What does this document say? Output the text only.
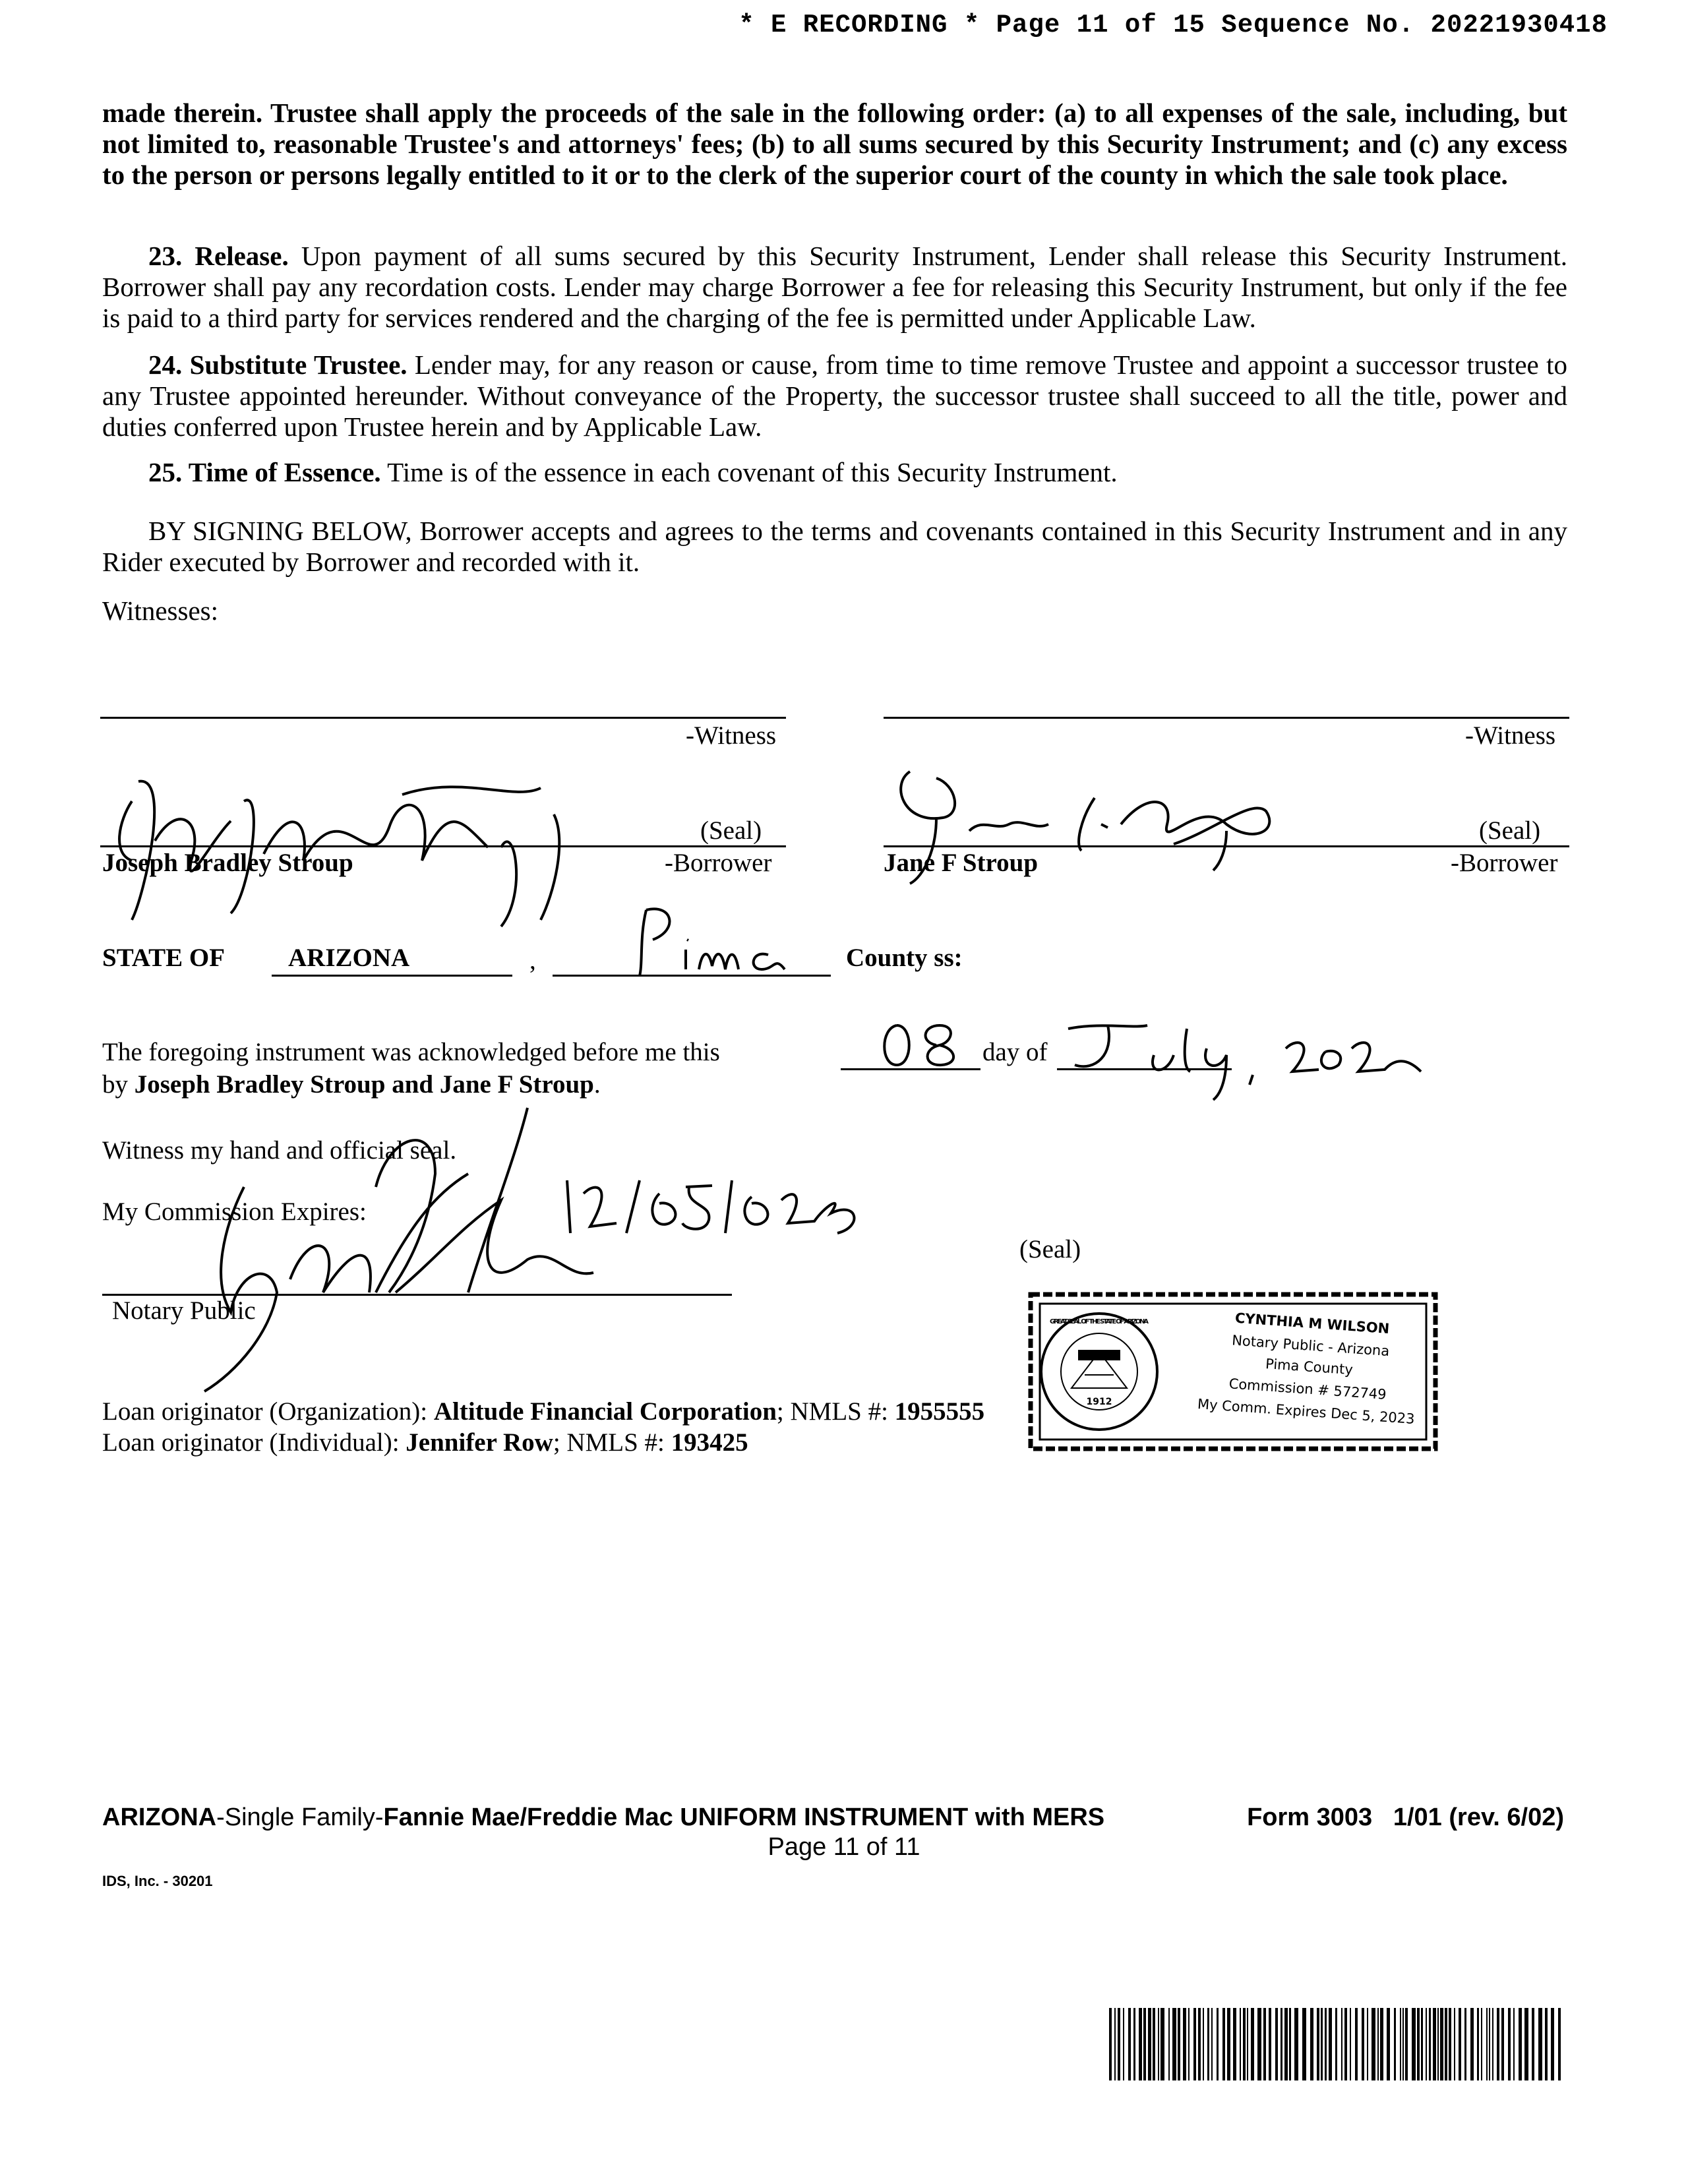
* E RECORDING * Page 11 of 15 Sequence No. 20221930418
made therein. Trustee shall apply the proceeds of the sale in the following order: (a) to all expenses of the sale, including, but not limited to, reasonable Trustee's and attorneys' fees; (b) to all sums secured by this Security Instrument; and (c) any excess to the person or persons legally entitled to it or to the clerk of the superior court of the county in which the sale took place.
23. Release. Upon payment of all sums secured by this Security Instrument, Lender shall release this Security Instrument. Borrower shall pay any recordation costs. Lender may charge Borrower a fee for releasing this Security Instrument, but only if the fee is paid to a third party for services rendered and the charging of the fee is permitted under Applicable Law.
24. Substitute Trustee. Lender may, for any reason or cause, from time to time remove Trustee and appoint a successor trustee to any Trustee appointed hereunder. Without conveyance of the Property, the successor trustee shall succeed to all the title, power and duties conferred upon Trustee herein and by Applicable Law.
25. Time of Essence. Time is of the essence in each covenant of this Security Instrument.
BY SIGNING BELOW, Borrower accepts and agrees to the terms and covenants contained in this Security Instrument and in any Rider executed by Borrower and recorded with it.
Witnesses:
-Witness	-Witness
(Seal)
Joseph Bradley Stroup	-Borrower
(Seal)
Jane F Stroup	-Borrower
STATE OF ARIZONA	,
Pima
County ss:
The foregoing instrument was acknowledged before me this	day of
by Joseph Bradley Stroup and Jane F Stroup.
Witness my hand and official seal.
My Commission Expires:
(Seal)
Notary Public
1912
GREAT SEAL OF THE STATE OF ARIZONA	CYNTHIA M WILSON
Notary Public - Arizona
Pima County
Commission # 572749
My Comm. Expires Dec 5, 2023
Loan originator (Organization): Altitude Financial Corporation; NMLS #: 1955555
Loan originator (Individual): Jennifer Row; NMLS #: 193425
ARIZONA-Single Family-Fannie Mae/Freddie Mac UNIFORM INSTRUMENT with MERS	Form 3003   1/01 (rev. 6/02)
Page 11 of 11
IDS, Inc. - 30201
